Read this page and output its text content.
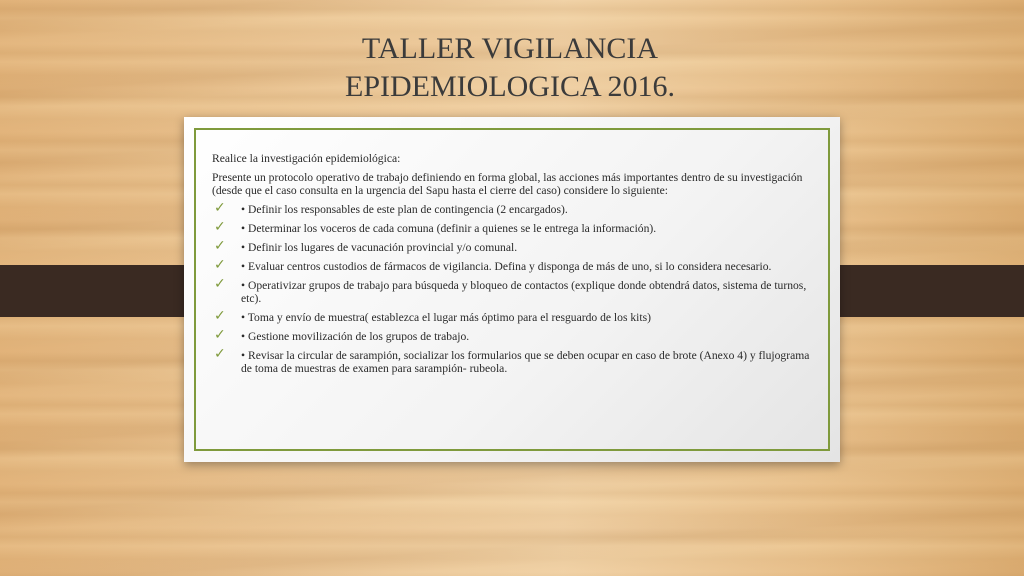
TALLER VIGILANCIA
EPIDEMIOLOGICA 2016.

Realice la investigación epidemiológica:

Presente un protocolo operativo de trabajo definiendo en forma global, las acciones más importantes dentro de su investigación (desde que el caso consulta en la urgencia del Sapu hasta el cierre del caso) considere lo siguiente:

✓ • Definir los responsables de este plan de contingencia (2 encargados).
✓ • Determinar los voceros de cada comuna (definir a quienes se le entrega la información).
✓ • Definir los lugares de vacunación provincial y/o comunal.
✓ • Evaluar centros custodios de fármacos de vigilancia. Defina y disponga de más de uno, si lo considera necesario.
✓ • Operativizar grupos de trabajo para búsqueda y bloqueo de contactos (explique donde obtendrá datos, sistema de turnos, etc).
✓ • Toma y envío de muestra( establezca el lugar más óptimo para el resguardo de los kits)
✓ • Gestione movilización de los grupos de trabajo.
✓ • Revisar la circular de sarampión, socializar los formularios que se deben ocupar en caso de brote (Anexo 4) y flujograma de toma de muestras de examen para sarampión- rubeola.
